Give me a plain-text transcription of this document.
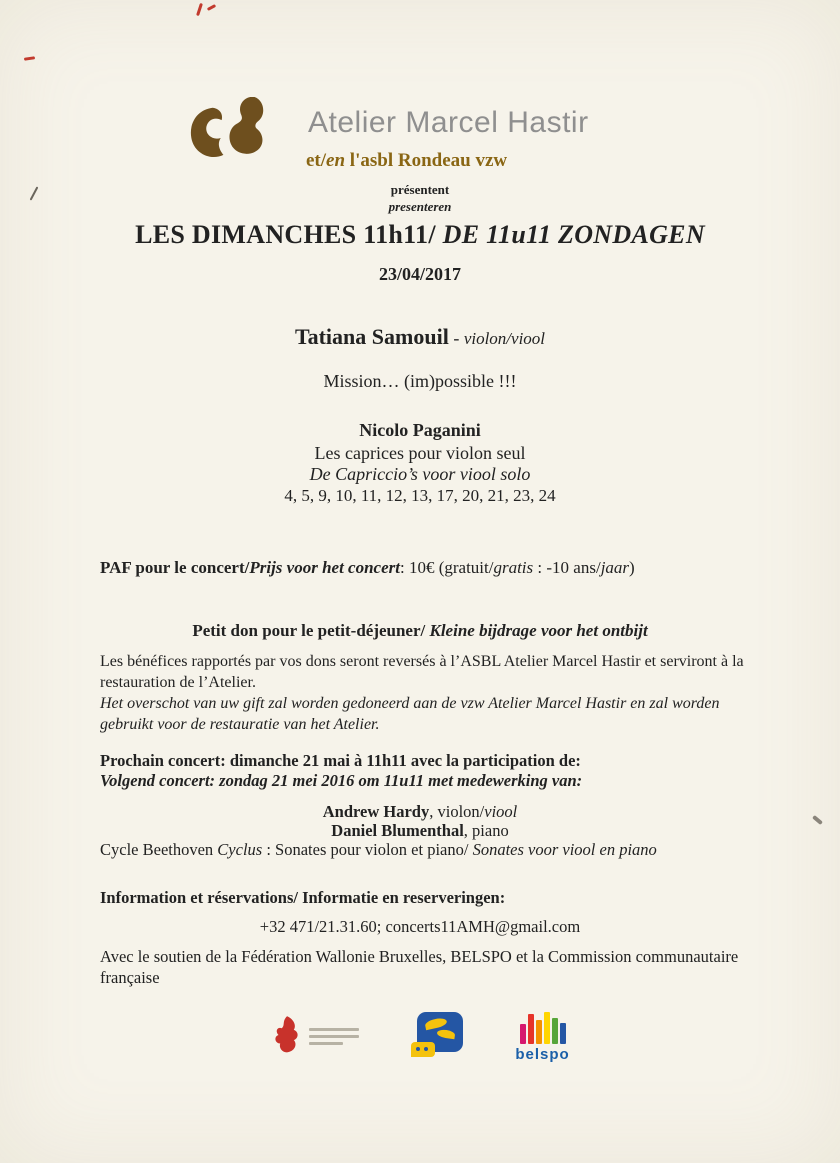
Atelier Marcel Hastir
et/en l'asbl Rondeau vzw
présentent
presenteren
LES DIMANCHES 11h11/ DE 11u11 ZONDAGEN
23/04/2017
Tatiana Samouil - violon/viool
Mission… (im)possible !!!
Nicolo Paganini
Les caprices pour violon seul
De Capriccio’s voor viool solo
4, 5, 9, 10, 11, 12, 13, 17, 20, 21, 23, 24
PAF pour le concert/Prijs voor het concert: 10€ (gratuit/gratis : -10 ans/jaar)
Petit don pour le petit-déjeuner/ Kleine bijdrage voor het ontbijt

Les bénéfices rapportés par vos dons seront reversés à l’ASBL Atelier Marcel Hastir et serviront à la restauration de l’Atelier.

Het overschot van uw gift zal worden gedoneerd aan de vzw Atelier Marcel Hastir en zal worden gebruikt voor de restauratie van het Atelier.

Prochain concert: dimanche 21 mai à 11h11 avec la participation de:
Volgend concert: zondag 21 mei 2016 om 11u11 met medewerking van:
Andrew Hardy, violon/viool
Daniel Blumenthal, piano
Cycle Beethoven Cyclus : Sonates pour violon et piano/ Sonates voor viool en piano
Information et réservations/ Informatie en reserveringen:
+32 471/21.31.60; concerts11AMH@gmail.com
Avec le soutien de la Fédération Wallonie Bruxelles, BELSPO et la Commission communautaire française
belspo
